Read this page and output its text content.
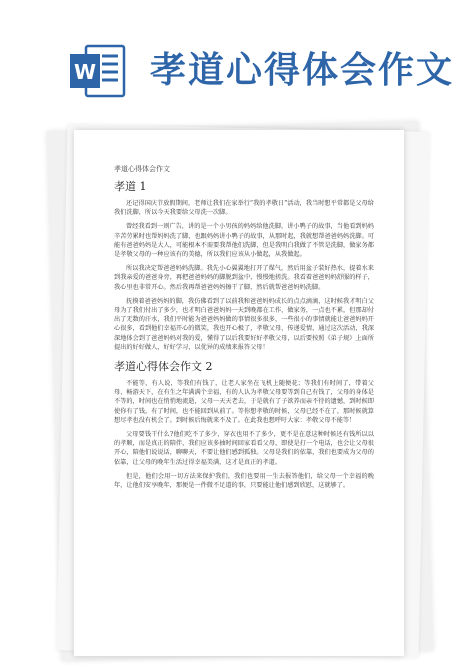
W 孝道心得体会作文
孝道心得体会作文
孝道 1

还记得国庆节放假期间，老师让我们在家举行“我的孝敬日”活动，我当时想平常都是父母给我们洗脚，所以今天我要给父母洗一次脚。

曾经我看到一则广告，讲的是一个小男孩的妈妈给他洗脚，讲小鸭子的故事，当他看到妈妈辛苦劳累时也帮妈妈洗了脚，也跟妈妈讲小鸭子的故事，从那时起，我就想帮爸爸妈妈洗脚。可能有爸爸妈妈是大人，可能根本不需要我帮他们洗脚，但是我明白我做了不管是洗脚，做家务都是孝敬父母的一种应该有的美德，所以我们应该从小做起，从我做起。

所以我决定帮爸爸妈妈洗脚。我先小心翼翼地打开了煤气，然后用盆子装好热水，提着水来到我亲爱的爸爸身旁，再把爸爸妈妈的脚脱到盆中，慢慢地搓洗。我看着爸爸妈妈舒服的样子，我心里也非常开心。然后我再帮爸爸妈妈擦干了脚，然后就帮爸爸妈妈洗脚。

抚摸着爸爸妈妈的脚，我仿佛看到了以前我和爸爸妈妈成长的点点滴滴，这时候我才明白父母为了我们付出了多少，也才明白爸爸妈妈一天到晚都在工作，做家务，一点也不累，但那却付出了无数的汗水，我们平时能为爸爸妈妈做的事情很多很多，一些很小的事情就能让爸爸妈妈开心很多，看到他们幸福开心的微笑，我也开心极了，孝敬父母，传递爱情，通过这次活动，我深深地体会到了爸爸妈妈对我的爱，懂得了以后我要好好孝敬父母，以后要按照《弟子规》上面所提出的好好做人，好好学习，以优异的成绩来报答父母！

孝道心得体会作文 2

不能等，有人说，等我们有钱了，让老人家坐在飞机上随便花；等我们有时间了，带着父母，畅游天下，在有生之年满满个幸福，有的人认为孝敬父母要等到自己有钱了，父母的身体是不等的，时间也在悄悄地流逝，父母一天天老去，于是就有了子欲养而亲不待的遗憾，到时候即使你有了钱，有了时间，也不能回到从前了。等你想孝敬的时候，父母已经不在了，那时候就算想尽孝也没有机会了。到时候后悔就来不及了。在此我也想呼吁大家：孝敬父母不能等！

父母要钱干什么?他们吃不了多少，穿衣也用不了多少，更不是在意这种时候还有钱所以以的孝顺，而是真正的陪伴，我们应该多抽时间回家看看父母，即使是打一个电话，也会让父母很开心，陪他们说说话，聊聊天，不要让他们感到孤独。父母是我们的依靠，我们也要成为父母的依靠，让父母的晚年生活过得幸福美满，这才是真正的孝道。

但是，他们会用一切方法来保护我们，我们也要用一生去报答他们，给父母一个幸福的晚年，让他们安享晚年，那便是一件微不足道的事，只要能让他们感到欣慰，这就够了。
